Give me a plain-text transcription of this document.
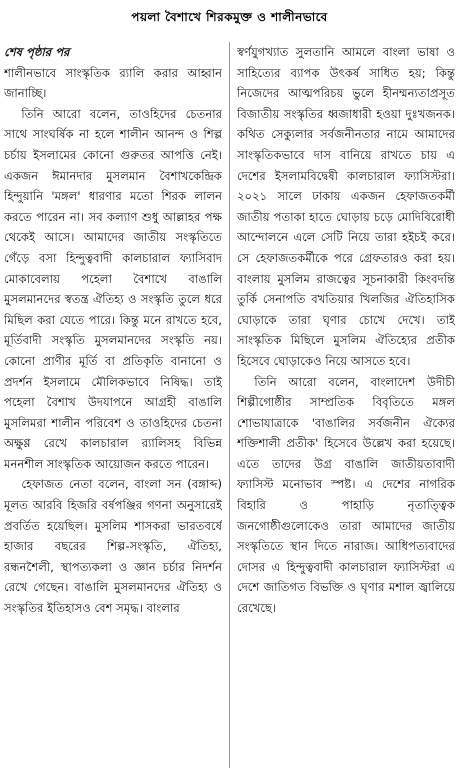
পয়লা বৈশাখে শিরকমুক্ত ও শালীনভাবে
শেষ পৃষ্ঠার পর

শালীনভাবে সাংস্কৃতিক র‍্যালি করার আহ্বান জানাচ্ছি।

তিনি আরো বলেন, তাওহিদের চেতনার সাথে সাংঘর্ষিক না হলে শালীন আনন্দ ও শিল্প চর্চায় ইসলামের কোনো গুরুতর আপত্তি নেই। একজন ঈমানদার মুসলমান বৈশাখকেন্দ্রিক হিন্দুয়ানি 'মঙ্গল' ধারণার মতো শিরক লালন করতে পারেন না। সব কল্যাণ শুধু আল্লাহর পক্ষ থেকেই আসে। আমাদের জাতীয় সংস্কৃতিতে গেঁড়ে বসা হিন্দুত্ববাদী কালচারাল ফ্যাসিবাদ মোকাবেলায় পহেলা বৈশাখে বাঙালি মুসলমানদের স্বতন্ত্র ঐতিহ্য ও সংস্কৃতি তুলে ধরে মিছিল করা যেতে পারে। কিন্তু মনে রাখতে হবে, মূর্তিবাদী সংস্কৃতি মুসলমানদের সংস্কৃতি নয়। কোনো প্রাণীর মূর্তি বা প্রতিকৃতি বানানো ও প্রদর্শন ইসলামে মৌলিকভাবে নিষিদ্ধ। তাই পহেলা বৈশাখ উদযাপনে আগ্রহী বাঙালি মুসলিমরা শালীন পরিবেশ ও তাওহিদের চেতনা অক্ষুণ্ণ রেখে কালচারাল র‍্যালিসহ বিভিন্ন মননশীল সাংস্কৃতিক আয়োজন করতে পারেন।

হেফাজত নেতা বলেন, বাংলা সন (বঙ্গাব্দ) মূলত আরবি হিজরি বর্ষপঞ্জির গণনা অনুসারেই প্রবর্তিত হয়েছিল। মুসলিম শাসকরা ভারতবর্ষে হাজার বছরের শিল্প-সংস্কৃতি, ঐতিহ্য, রন্ধনশৈলী, স্থাপত্যকলা ও জ্ঞান চর্চার নিদর্শন রেখে গেছেন। বাঙালি মুসলমানদের ঐতিহ্য ও সংস্কৃতির ইতিহাসও বেশ সমৃদ্ধ। বাংলার

স্বর্ণযুগখ্যাত সুলতানি আমলে বাংলা ভাষা ও সাহিত্যের ব্যাপক উৎকর্ষ সাধিত হয়; কিন্তু নিজেদের আত্মপরিচয় ভুলে হীনম্মন্যতাপ্রসূত বিজাতীয় সংস্কৃতির ধ্বজাধারী হওয়া দুঃখজনক। কথিত সেক্যুলার সর্বজনীনতার নামে আমাদের সাংস্কৃতিকভাবে দাস বানিয়ে রাখতে চায় এ দেশের ইসলামবিদ্বেষী কালচারাল ফ্যাসিস্টরা। ২০২১ সালে ঢাকায় একজন হেফাজতকর্মী জাতীয় পতাকা হাতে ঘোড়ায় চড়ে মোদিবিরোধী আন্দোলনে এলে সেটি নিয়ে তারা হইচই করে। সে হেফাজতকর্মীকে পরে গ্রেফতারও করা হয়। বাংলায় মুসলিম রাজত্বের সূচনাকারী কিংবদন্তি তুর্কি সেনাপতি বখতিয়ার খিলজির ঐতিহাসিক ঘোড়াকে তারা ঘৃণার চোখে দেখে। তাই সাংস্কৃতিক মিছিলে মুসলিম ঐতিহ্যের প্রতীক হিসেবে ঘোড়াকেও নিয়ে আসতে হবে।

তিনি আরো বলেন, বাংলাদেশ উদীচী শিল্পীগোষ্ঠীর সাম্প্রতিক বিবৃতিতে মঙ্গল শোভাযাত্রাকে 'বাঙালির সর্বজনীন ঐক্যের শক্তিশালী প্রতীক' হিসেবে উল্লেখ করা হয়েছে। এতে তাদের উগ্র বাঙালি জাতীয়তাবাদী ফ্যাসিস্ট মনোভাব স্পষ্ট। এ দেশের নাগরিক বিহারি ও পাহাড়ি নৃতাত্ত্বিক জনগোষ্ঠীগুলোকেও তারা আমাদের জাতীয় সংস্কৃতিতে স্থান দিতে নারাজ। আধিপত্যবাদের দোসর এ হিন্দুত্ববাদী কালচারাল ফ্যাসিস্টরা এ দেশে জাতিগত বিভক্তি ও ঘৃণার মশাল জ্বালিয়ে রেখেছে।
